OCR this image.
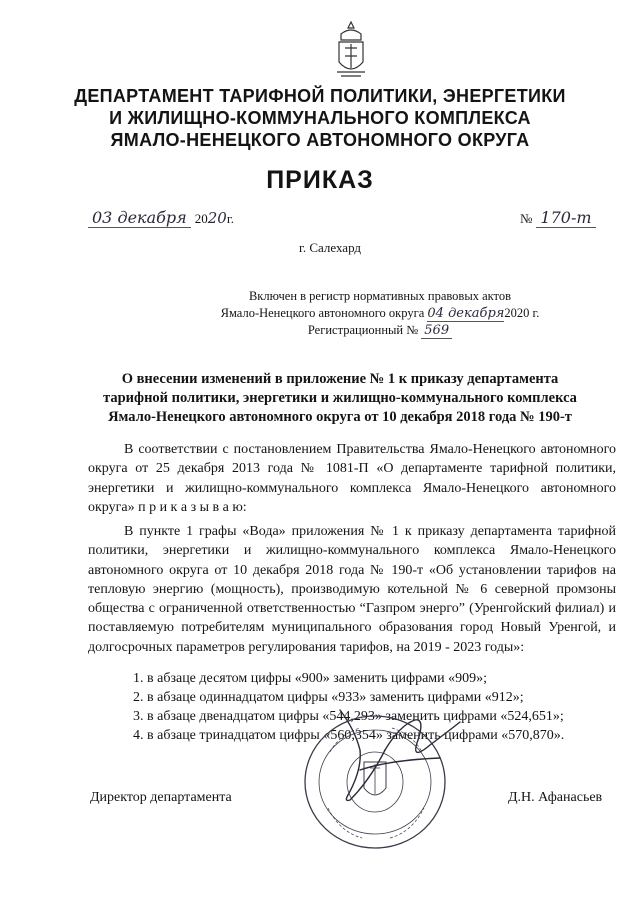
ДЕПАРТАМЕНТ ТАРИФНОЙ ПОЛИТИКИ, ЭНЕРГЕТИКИ
И ЖИЛИЩНО-КОММУНАЛЬНОГО КОМПЛЕКСА
ЯМАЛО-НЕНЕЦКОГО АВТОНОМНОГО ОКРУГА
ПРИКАЗ
03 декабря 2020г.	№ 170-т
г. Салехард
Включен в регистр нормативных правовых актов
Ямало-Ненецкого автономного округа 04 декабря2020 г.
Регистрационный № 569
О внесении изменений в приложение № 1 к приказу департамента
тарифной политики, энергетики и жилищно-коммунального комплекса
Ямало-Ненецкого автономного округа от 10 декабря 2018 года № 190-т

В соответствии с постановлением Правительства Ямало-Ненецкого автономного округа от 25 декабря 2013 года № 1081-П «О департаменте тарифной политики, энергетики и жилищно-коммунального комплекса Ямало-Ненецкого автономного округа» п р и к а з ы в а ю:

В пункте 1 графы «Вода» приложения № 1 к приказу департамента тарифной политики, энергетики и жилищно-коммунального комплекса Ямало-Ненецкого автономного округа от 10 декабря 2018 года № 190-т «Об установлении тарифов на тепловую энергию (мощность), производимую котельной № 6 северной промзоны общества с ограниченной ответственностью “Газпром энерго” (Уренгойский филиал) и поставляемую потребителям муниципального образования город Новый Уренгой, и долгосрочных параметров регулирования тарифов, на 2019 - 2023 годы»:

1. в абзаце десятом цифры «900» заменить цифрами «909»;
2. в абзаце одиннадцатом цифры «933» заменить цифрами «912»;
3. в абзаце двенадцатом цифры «544,293» заменить цифрами «524,651»;
4. в абзаце тринадцатом цифры «560,354» заменить цифрами «570,870».
Директор департамента	Д.Н. Афанасьев
